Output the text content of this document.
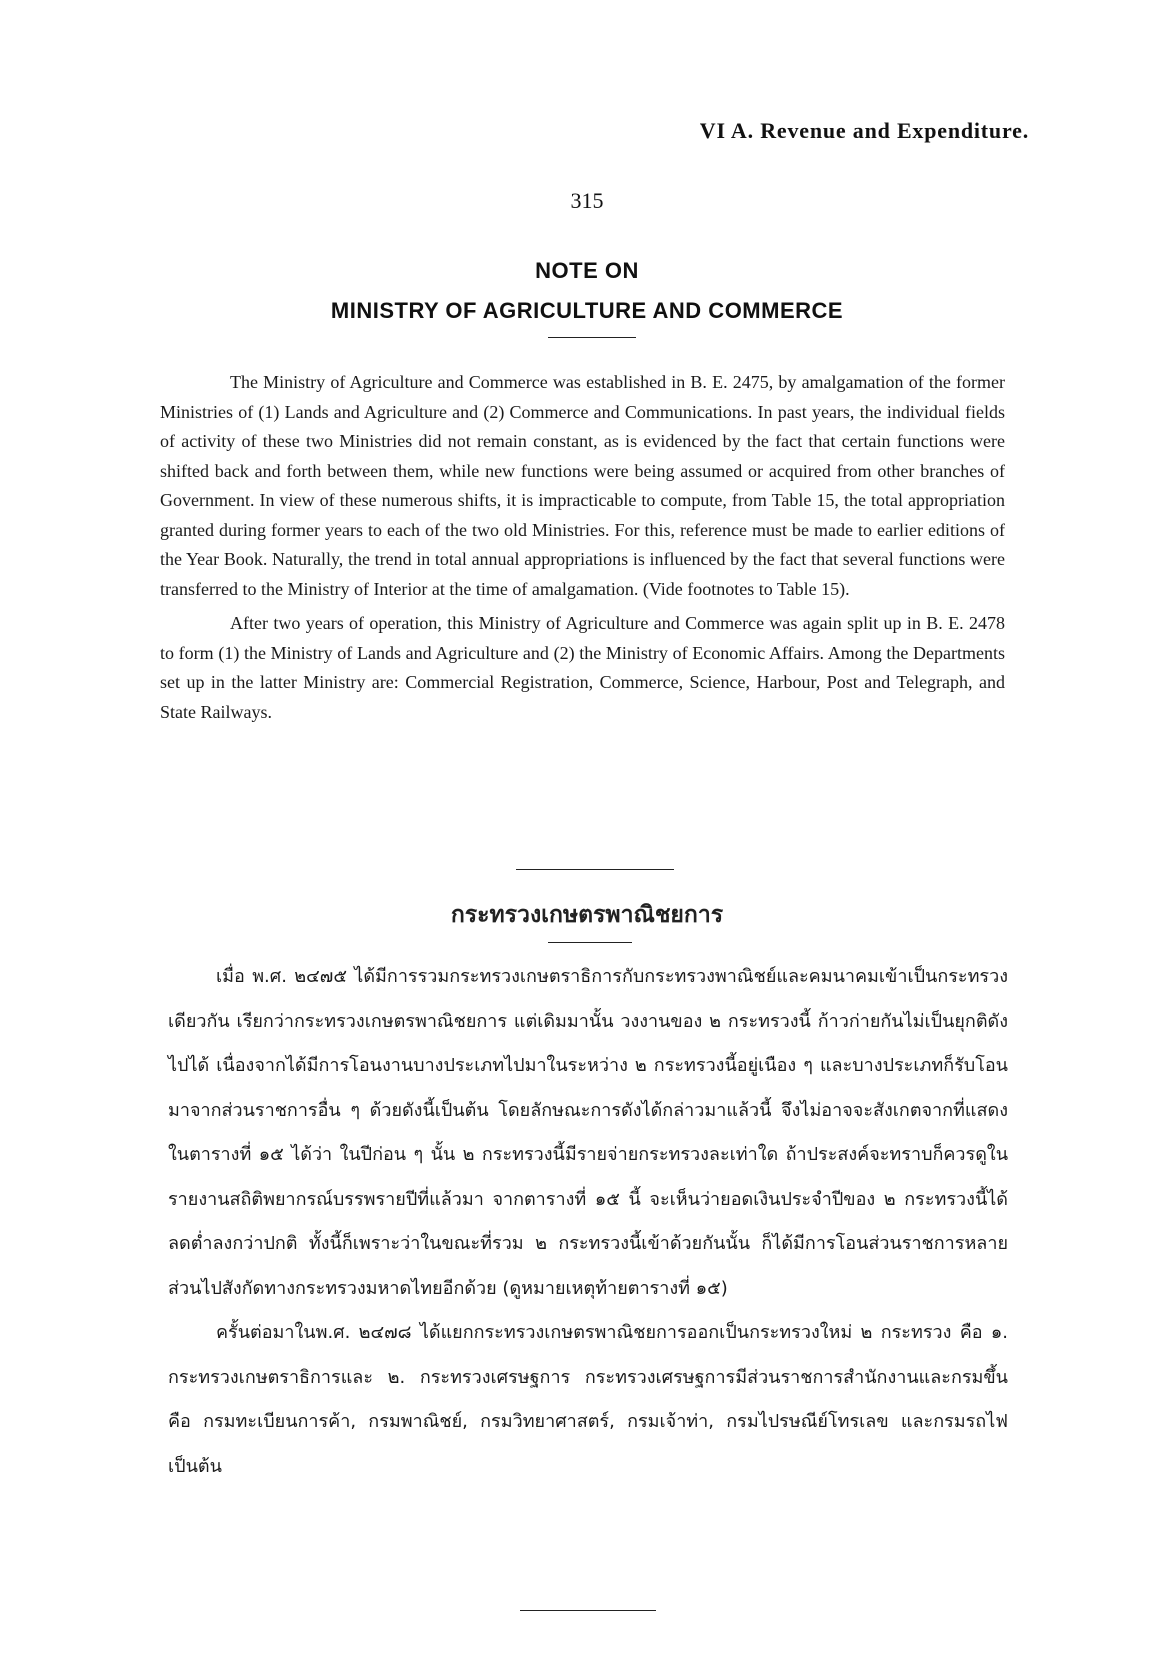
VI A. Revenue and Expenditure.
315
NOTE ON
MINISTRY OF AGRICULTURE AND COMMERCE

The Ministry of Agriculture and Commerce was established in B. E. 2475, by amalgamation of the former Ministries of (1) Lands and Agriculture and (2) Commerce and Communications. In past years, the individual fields of activity of these two Ministries did not remain constant, as is evidenced by the fact that certain functions were shifted back and forth between them, while new functions were being assumed or acquired from other branches of Government. In view of these numerous shifts, it is impracticable to compute, from Table 15, the total appropriation granted during former years to each of the two old Ministries. For this, reference must be made to earlier editions of the Year Book. Naturally, the trend in total annual appropriations is influenced by the fact that several functions were transferred to the Ministry of Interior at the time of amalgamation. (Vide footnotes to Table 15).

After two years of operation, this Ministry of Agriculture and Commerce was again split up in B. E. 2478 to form (1) the Ministry of Lands and Agriculture and (2) the Ministry of Economic Affairs. Among the Departments set up in the latter Ministry are: Commercial Registration, Commerce, Science, Harbour, Post and Telegraph, and State Railways.

กระทรวงเกษตรพาณิชยการ

เมื่อ พ.ศ. ๒๔๗๕ ได้มีการรวมกระทรวงเกษตราธิการกับกระทรวงพาณิชย์และคมนาคมเข้าเป็นกระทรวงเดียวกัน เรียกว่ากระทรวงเกษตรพาณิชยการ แต่เดิมมานั้น วงงานของ ๒ กระทรวงนี้ ก้าวก่ายกันไม่เป็นยุกติดังไปได้ เนื่องจากได้มีการโอนงานบางประเภทไปมาในระหว่าง ๒ กระทรวงนี้อยู่เนือง ๆ และบางประเภทก็รับโอนมาจากส่วนราชการอื่น ๆ ด้วยดังนี้เป็นต้น โดยลักษณะการดังได้กล่าวมาแล้วนี้ จึงไม่อาจจะสังเกตจากที่แสดงในตารางที่ ๑๕ ได้ว่า ในปีก่อน ๆ นั้น ๒ กระทรวงนี้มีรายจ่ายกระทรวงละเท่าใด ถ้าประสงค์จะทราบก็ควรดูในรายงานสถิติพยากรณ์บรรพรายปีที่แล้วมา จากตารางที่ ๑๕ นี้ จะเห็นว่ายอดเงินประจำปีของ ๒ กระทรวงนี้ได้ลดต่ำลงกว่าปกติ ทั้งนี้ก็เพราะว่าในขณะที่รวม ๒ กระทรวงนี้เข้าด้วยกันนั้น ก็ได้มีการโอนส่วนราชการหลายส่วนไปสังกัดทางกระทรวงมหาดไทยอีกด้วย (ดูหมายเหตุท้ายตารางที่ ๑๕)

ครั้นต่อมาในพ.ศ. ๒๔๗๘ ได้แยกกระทรวงเกษตรพาณิชยการออกเป็นกระทรวงใหม่ ๒ กระทรวง คือ ๑. กระทรวงเกษตราธิการและ ๒. กระทรวงเศรษฐการ กระทรวงเศรษฐการมีส่วนราชการสำนักงานและกรมขึ้น คือ กรมทะเบียนการค้า, กรมพาณิชย์, กรมวิทยาศาสตร์, กรมเจ้าท่า, กรมไปรษณีย์โทรเลข และกรมรถไฟเป็นต้น
